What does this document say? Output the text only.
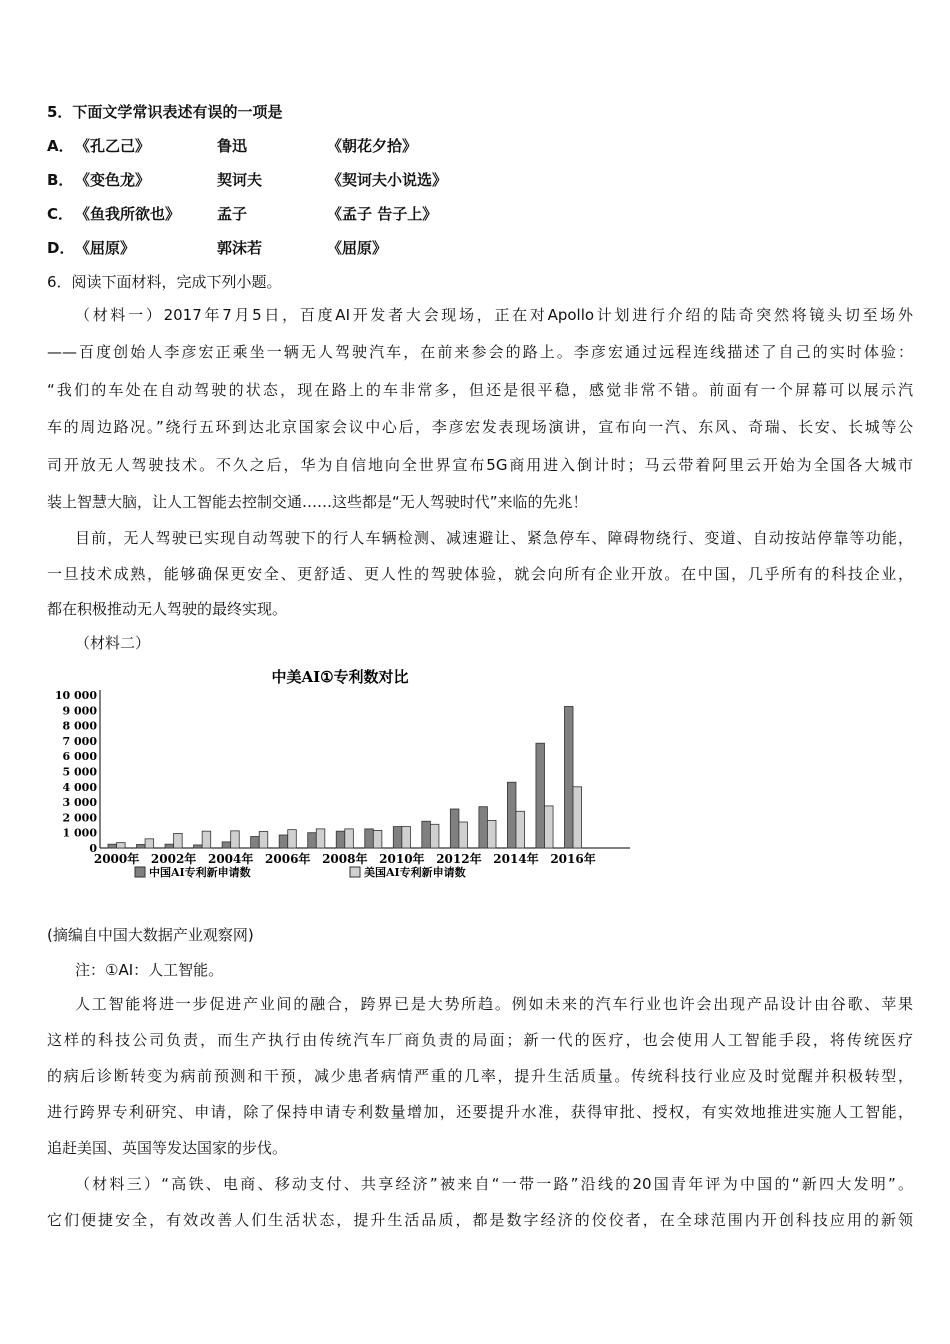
5．下面文学常识表述有误的一项是
6．阅读下面材料，完成下列小题。
（材料二）
中美AI①专利数对比
0
1 000
2 000
3 000
4 000
5 000
6 000
7 000
8 000
9 000
10 000
2000年 2002年 2004年 2006年 2008年 2010年 2012年 2014年 2016年
中国AI专利新申请数	美国AI专利新申请数
(摘编自中国大数据产业观察网)
注：①AI：人工智能。
A． 《孔乙己》	鲁迅	《朝花夕拾》
B． 《变色龙》	契诃夫	《契诃夫小说选》
C． 《鱼我所欲也》 孟子	《孟子 告子上》
D． 《屈原》	郭沫若	《屈原》
（材料一）2017年7月5日，百度AI开发者大会现场，正在对Apollo计划进行介绍的陆奇突然将镜头切至场外
——百度创始人李彦宏正乘坐一辆无人驾驶汽车，在前来参会的路上。李彦宏通过远程连线描述了自己的实时体验：
“我们的车处在自动驾驶的状态，现在路上的车非常多，但还是很平稳，感觉非常不错。前面有一个屏幕可以展示汽
车的周边路况。”绕行五环到达北京国家会议中心后，李彦宏发表现场演讲，宣布向一汽、东风、奇瑞、长安、长城等公
司开放无人驾驶技术。不久之后，华为自信地向全世界宣布5G商用进入倒计时；马云带着阿里云开始为全国各大城市
装上智慧大脑，让人工智能去控制交通……这些都是“无人驾驶时代”来临的先兆！
目前，无人驾驶已实现自动驾驶下的行人车辆检测、减速避让、紧急停车、障碍物绕行、变道、自动按站停靠等功能，
一旦技术成熟，能够确保更安全、更舒适、更人性的驾驶体验，就会向所有企业开放。在中国，几乎所有的科技企业，
都在积极推动无人驾驶的最终实现。
人工智能将进一步促进产业间的融合，跨界已是大势所趋。例如未来的汽车行业也许会出现产品设计由谷歌、苹果
这样的科技公司负责，而生产执行由传统汽车厂商负责的局面；新一代的医疗，也会使用人工智能手段，将传统医疗
的病后诊断转变为病前预测和干预，减少患者病情严重的几率，提升生活质量。传统科技行业应及时觉醒并积极转型，
进行跨界专利研究、申请，除了保持申请专利数量增加，还要提升水准，获得审批、授权，有实效地推进实施人工智能，
追赶美国、英国等发达国家的步伐。
（材料三）“高铁、电商、移动支付、共享经济”被来自“一带一路”沿线的20国青年评为中国的“新四大发明”。
它们便捷安全，有效改善人们生活状态，提升生活品质，都是数字经济的佼佼者，在全球范围内开创科技应用的新领
